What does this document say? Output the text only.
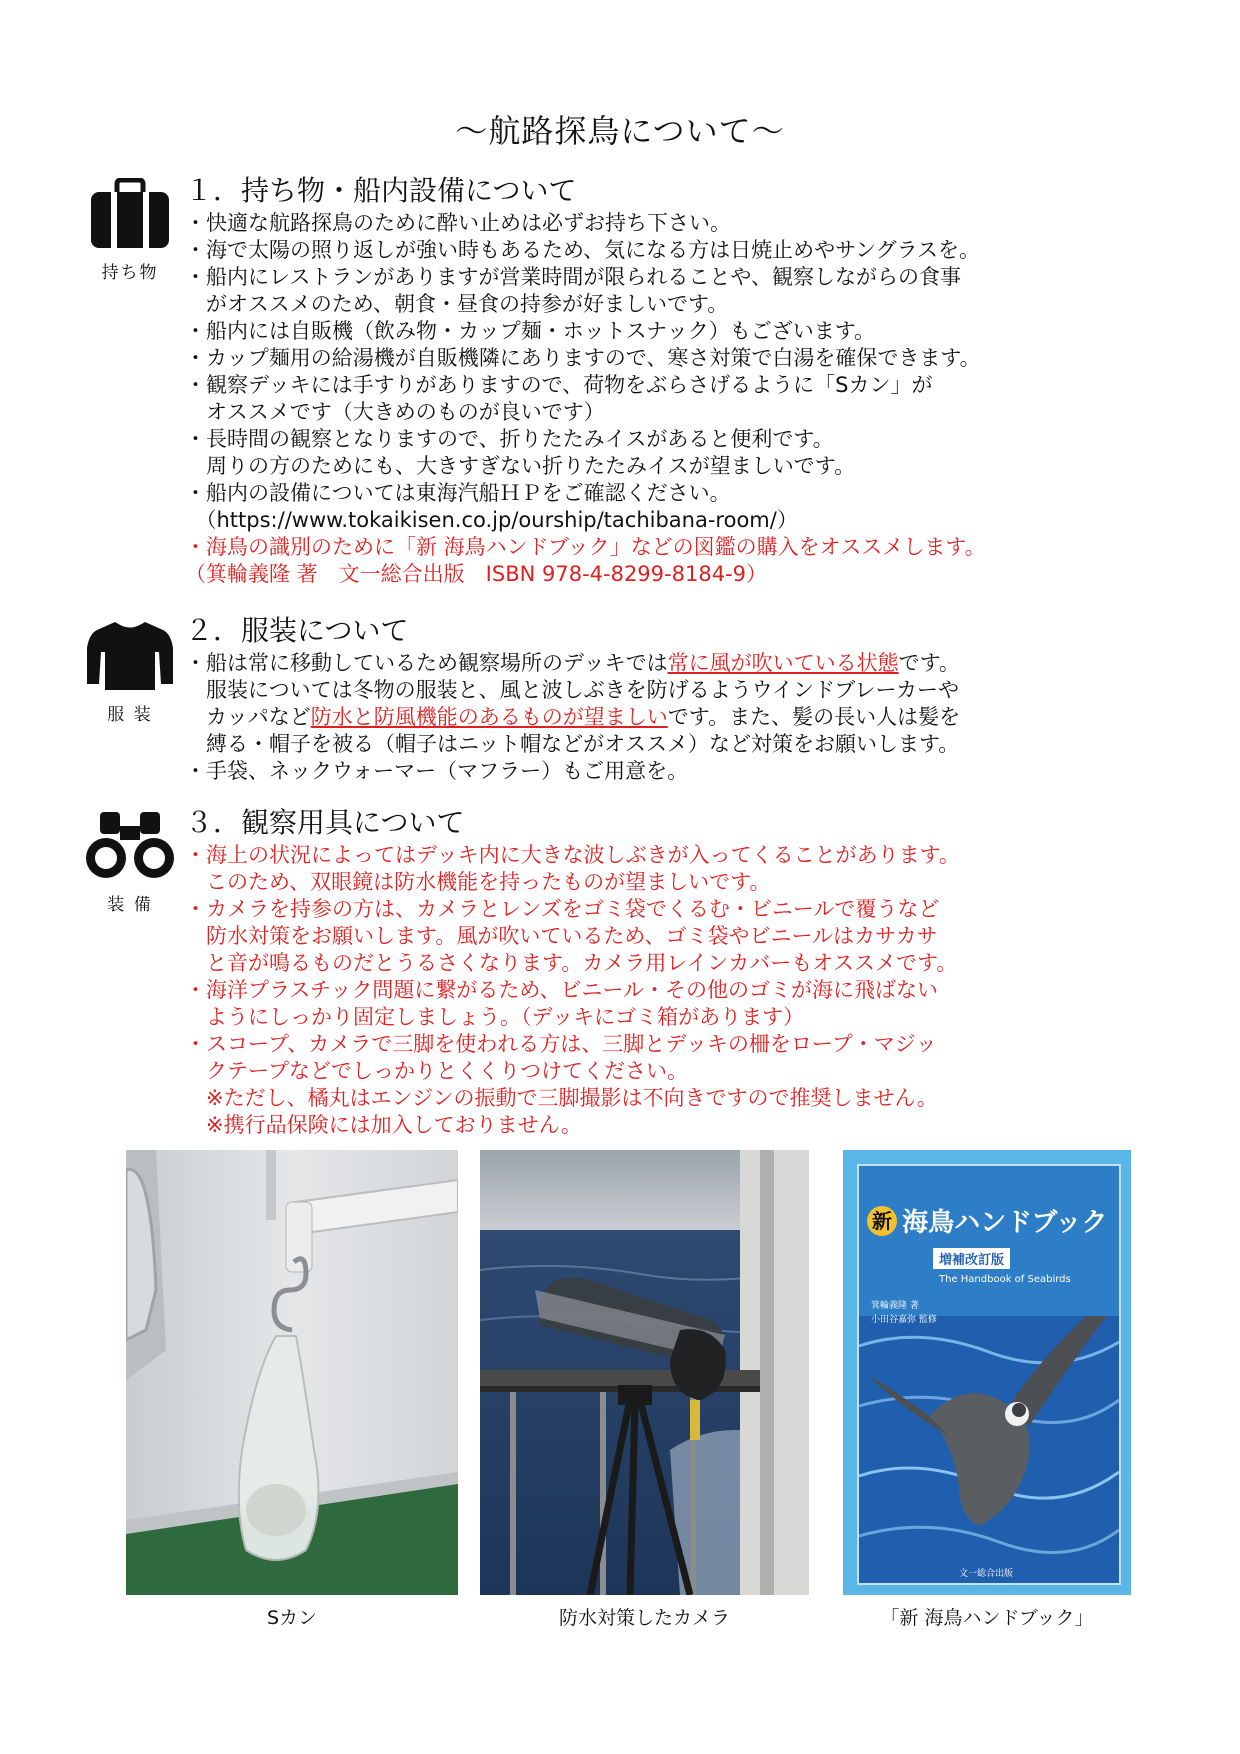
～航路探鳥について～
持ち物
１．持ち物・船内設備について
・快適な航路探鳥のために酔い止めは必ずお持ち下さい。
・海で太陽の照り返しが強い時もあるため、気になる方は日焼止めやサングラスを。
・船内にレストランがありますが営業時間が限られることや、観察しながらの食事
　がオススメのため、朝食・昼食の持参が好ましいです。
・船内には自販機（飲み物・カップ麺・ホットスナック）もございます。
・カップ麺用の給湯機が自販機隣にありますので、寒さ対策で白湯を確保できます。
・観察デッキには手すりがありますので、荷物をぶらさげるように「Sカン」が
　オススメです（大きめのものが良いです）
・長時間の観察となりますので、折りたたみイスがあると便利です。
　周りの方のためにも、大きすぎない折りたたみイスが望ましいです。
・船内の設備については東海汽船ＨＰをご確認ください。
　（https://www.tokaikisen.co.jp/ourship/tachibana-room/）
・海鳥の識別のために「新 海鳥ハンドブック」などの図鑑の購入をオススメします。
（箕輪義隆 著　文一総合出版　ISBN 978-4-8299-8184-9）
服 装
２．服装について
・船は常に移動しているため観察場所のデッキでは常に風が吹いている状態です。
　服装については冬物の服装と、風と波しぶきを防げるようウインドブレーカーや
　カッパなど防水と防風機能のあるものが望ましいです。また、髪の長い人は髪を
　縛る・帽子を被る（帽子はニット帽などがオススメ）など対策をお願いします。
・手袋、ネックウォーマー（マフラー）もご用意を。
装 備
３．観察用具について
・海上の状況によってはデッキ内に大きな波しぶきが入ってくることがあります。
　このため、双眼鏡は防水機能を持ったものが望ましいです。
・カメラを持参の方は、カメラとレンズをゴミ袋でくるむ・ビニールで覆うなど
　防水対策をお願いします。風が吹いているため、ゴミ袋やビニールはカサカサ
　と音が鳴るものだとうるさくなります。カメラ用レインカバーもオススメです。
・海洋プラスチック問題に繋がるため、ビニール・その他のゴミが海に飛ばない
　ようにしっかり固定しましょう。（デッキにゴミ箱があります）
・スコープ、カメラで三脚を使われる方は、三脚とデッキの柵をロープ・マジッ
　クテープなどでしっかりとくくりつけてください。
　※ただし、橘丸はエンジンの振動で三脚撮影は不向きですので推奨しません。
　※携行品保険には加入しておりません。
Sカン	防水対策したカメラ
新 海鳥ハンドブック
増補改訂版
The Handbook of Seabirds
箕輪義隆 著
小田谷嘉弥 監修
文一総合出版
「新 海鳥ハンドブック」
